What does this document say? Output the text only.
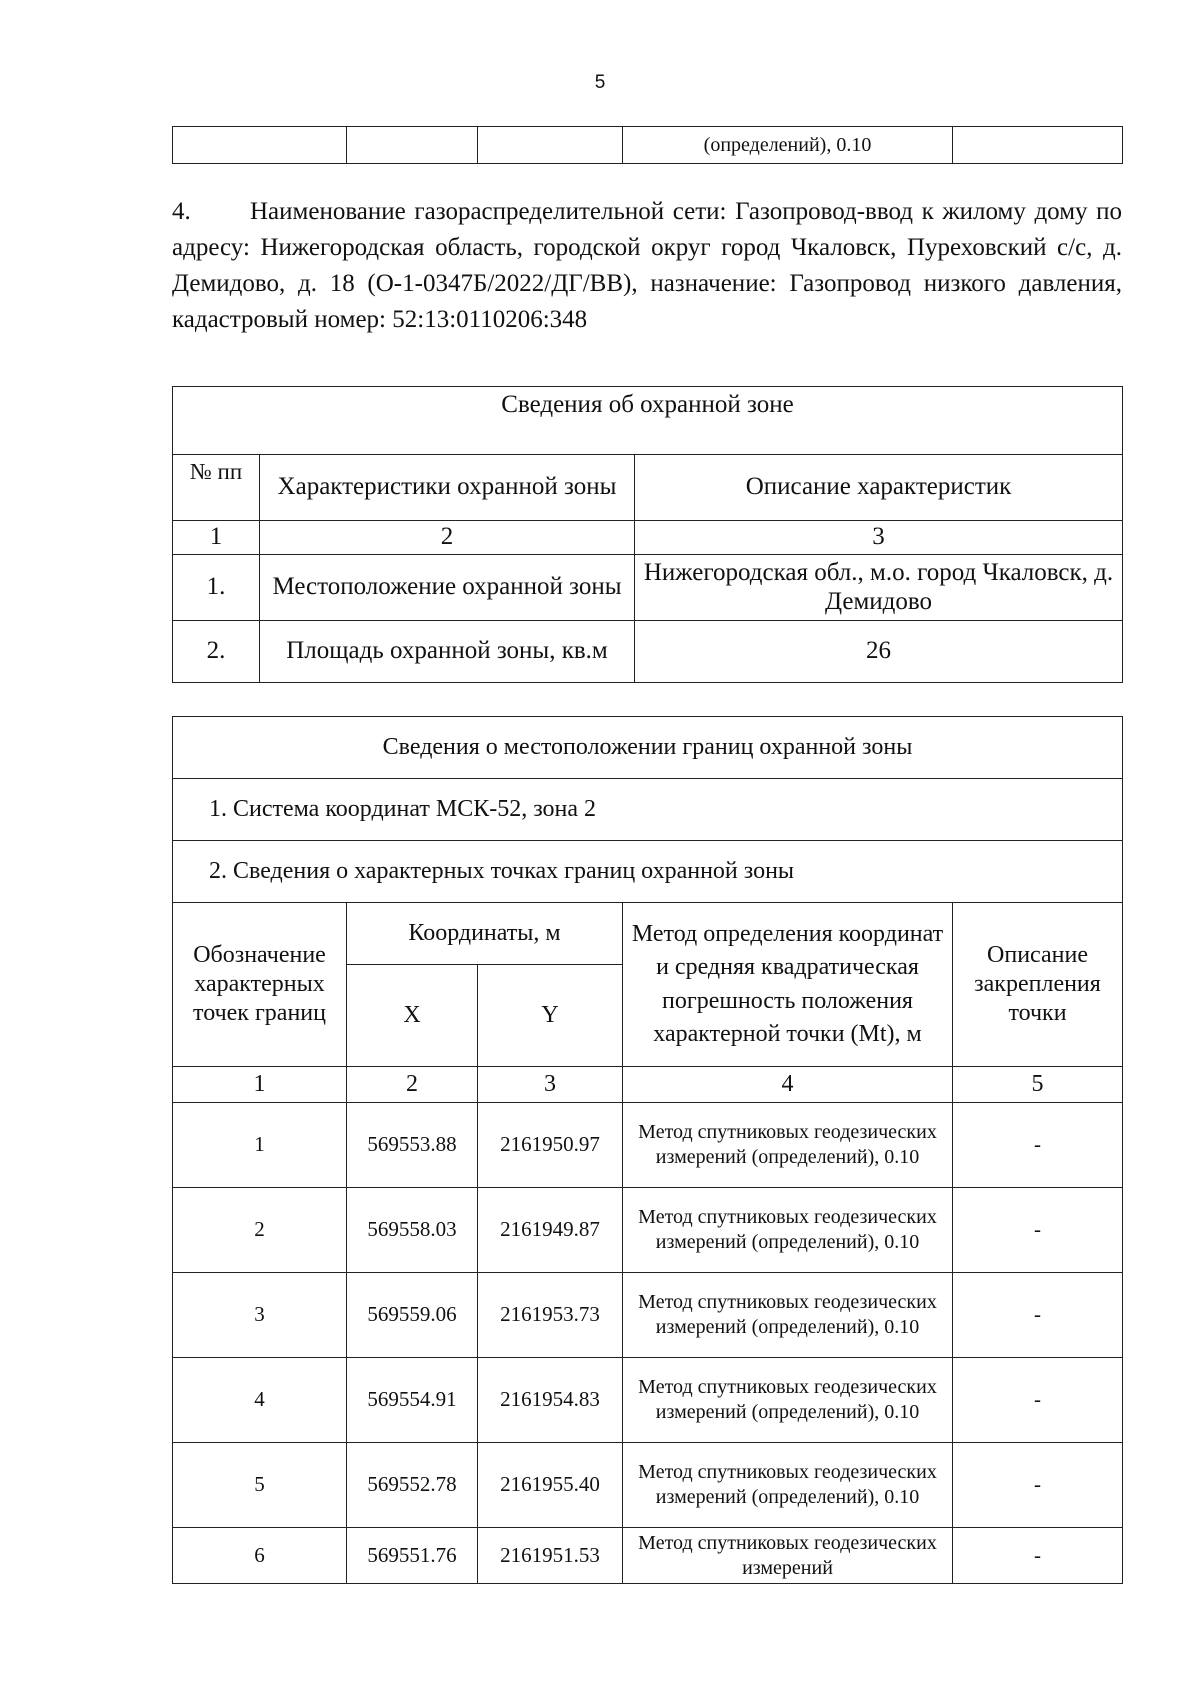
5
			(определений), 0.10	

4. Наименование газораспределительной сети: Газопровод-ввод к жилому дому по адресу: Нижегородская область, городской округ город Чкаловск, Пуреховский с/с, д. Демидово, д. 18 (О-1-0347Б/2022/ДГ/ВВ), назначение: Газопровод низкого давления, кадастровый номер: 52:13:0110206:348

Сведения об охранной зоне		
№ пп	Характеристики охранной зоны	Описание характеристик
1	2	3
1.	Местоположение охранной зоны	Нижегородская обл., м.о. город Чкаловск, д. Демидово
2.	Площадь охранной зоны, кв.м	26
Сведения о местоположении границ охранной зоны				
1. Система координат МСК-52, зона 2				
2. Сведения о характерных точках границ охранной зоны				
Обозначение характерных точек границ	Координаты, м		Метод определения координат и средняя квадратическая погрешность положения характерной точки (Mt), м	Описание закрепления точки
	X	Y		
1	2	3	4	5
1	569553.88	2161950.97	Метод спутниковых геодезических измерений (определений), 0.10	-
2	569558.03	2161949.87	Метод спутниковых геодезических измерений (определений), 0.10	-
3	569559.06	2161953.73	Метод спутниковых геодезических измерений (определений), 0.10	-
4	569554.91	2161954.83	Метод спутниковых геодезических измерений (определений), 0.10	-
5	569552.78	2161955.40	Метод спутниковых геодезических измерений (определений), 0.10	-
6	569551.76	2161951.53	Метод спутниковых геодезических измерений	-
